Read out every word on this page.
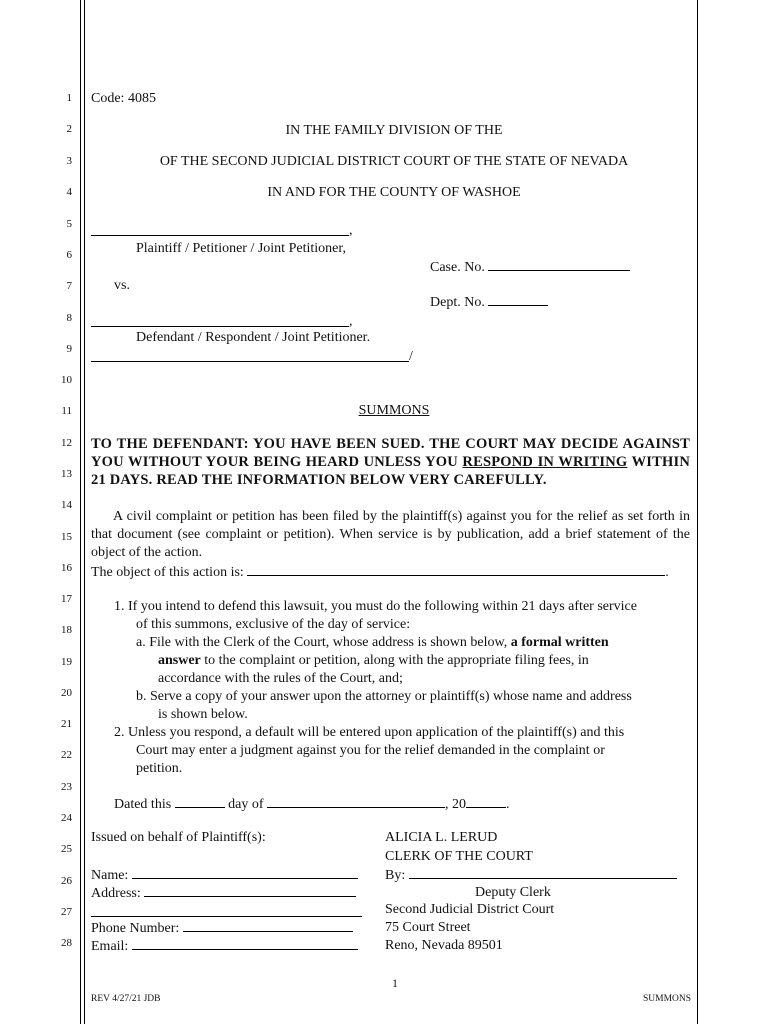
1
2
3
4
5
6
7
8
9
10
11
12
13
14
15
16
17
18
19
20
21
22
23
24
25
26
27
28
Code: 4085
IN THE FAMILY DIVISION OF THE
OF THE SECOND JUDICIAL DISTRICT COURT OF THE STATE OF NEVADA
IN AND FOR THE COUNTY OF WASHOE
,
Plaintiff / Petitioner / Joint Petitioner,
Case. No.
vs.
Dept. No.
,
Defendant / Respondent / Joint Petitioner.
/
SUMMONS
TO THE DEFENDANT: YOU HAVE BEEN SUED. THE COURT MAY DECIDE AGAINST YOU WITHOUT YOUR BEING HEARD UNLESS YOU RESPOND IN WRITING WITHIN 21 DAYS. READ THE INFORMATION BELOW VERY CAREFULLY.
A civil complaint or petition has been filed by the plaintiff(s) against you for the relief as set forth in that document (see complaint or petition). When service is by publication, add a brief statement of the object of the action.
The object of this action is:	.
1. If you intend to defend this lawsuit, you must do the following within 21 days after service
of this summons, exclusive of the day of service:
a. File with the Clerk of the Court, whose address is shown below, a formal written
answer to the complaint or petition, along with the appropriate filing fees, in
accordance with the rules of the Court, and;
b. Serve a copy of your answer upon the attorney or plaintiff(s) whose name and address
is shown below.
2. Unless you respond, a default will be entered upon application of the plaintiff(s) and this
Court may enter a judgment against you for the relief demanded in the complaint or
petition.
Dated this	day of	, 20	.
Issued on behalf of Plaintiff(s):
Name:
Address:
Phone Number:
Email:
ALICIA L. LERUD
CLERK OF THE COURT
By:
Deputy Clerk
Second Judicial District Court
75 Court Street
Reno, Nevada 89501
1
REV 4/27/21 JDB	SUMMONS
